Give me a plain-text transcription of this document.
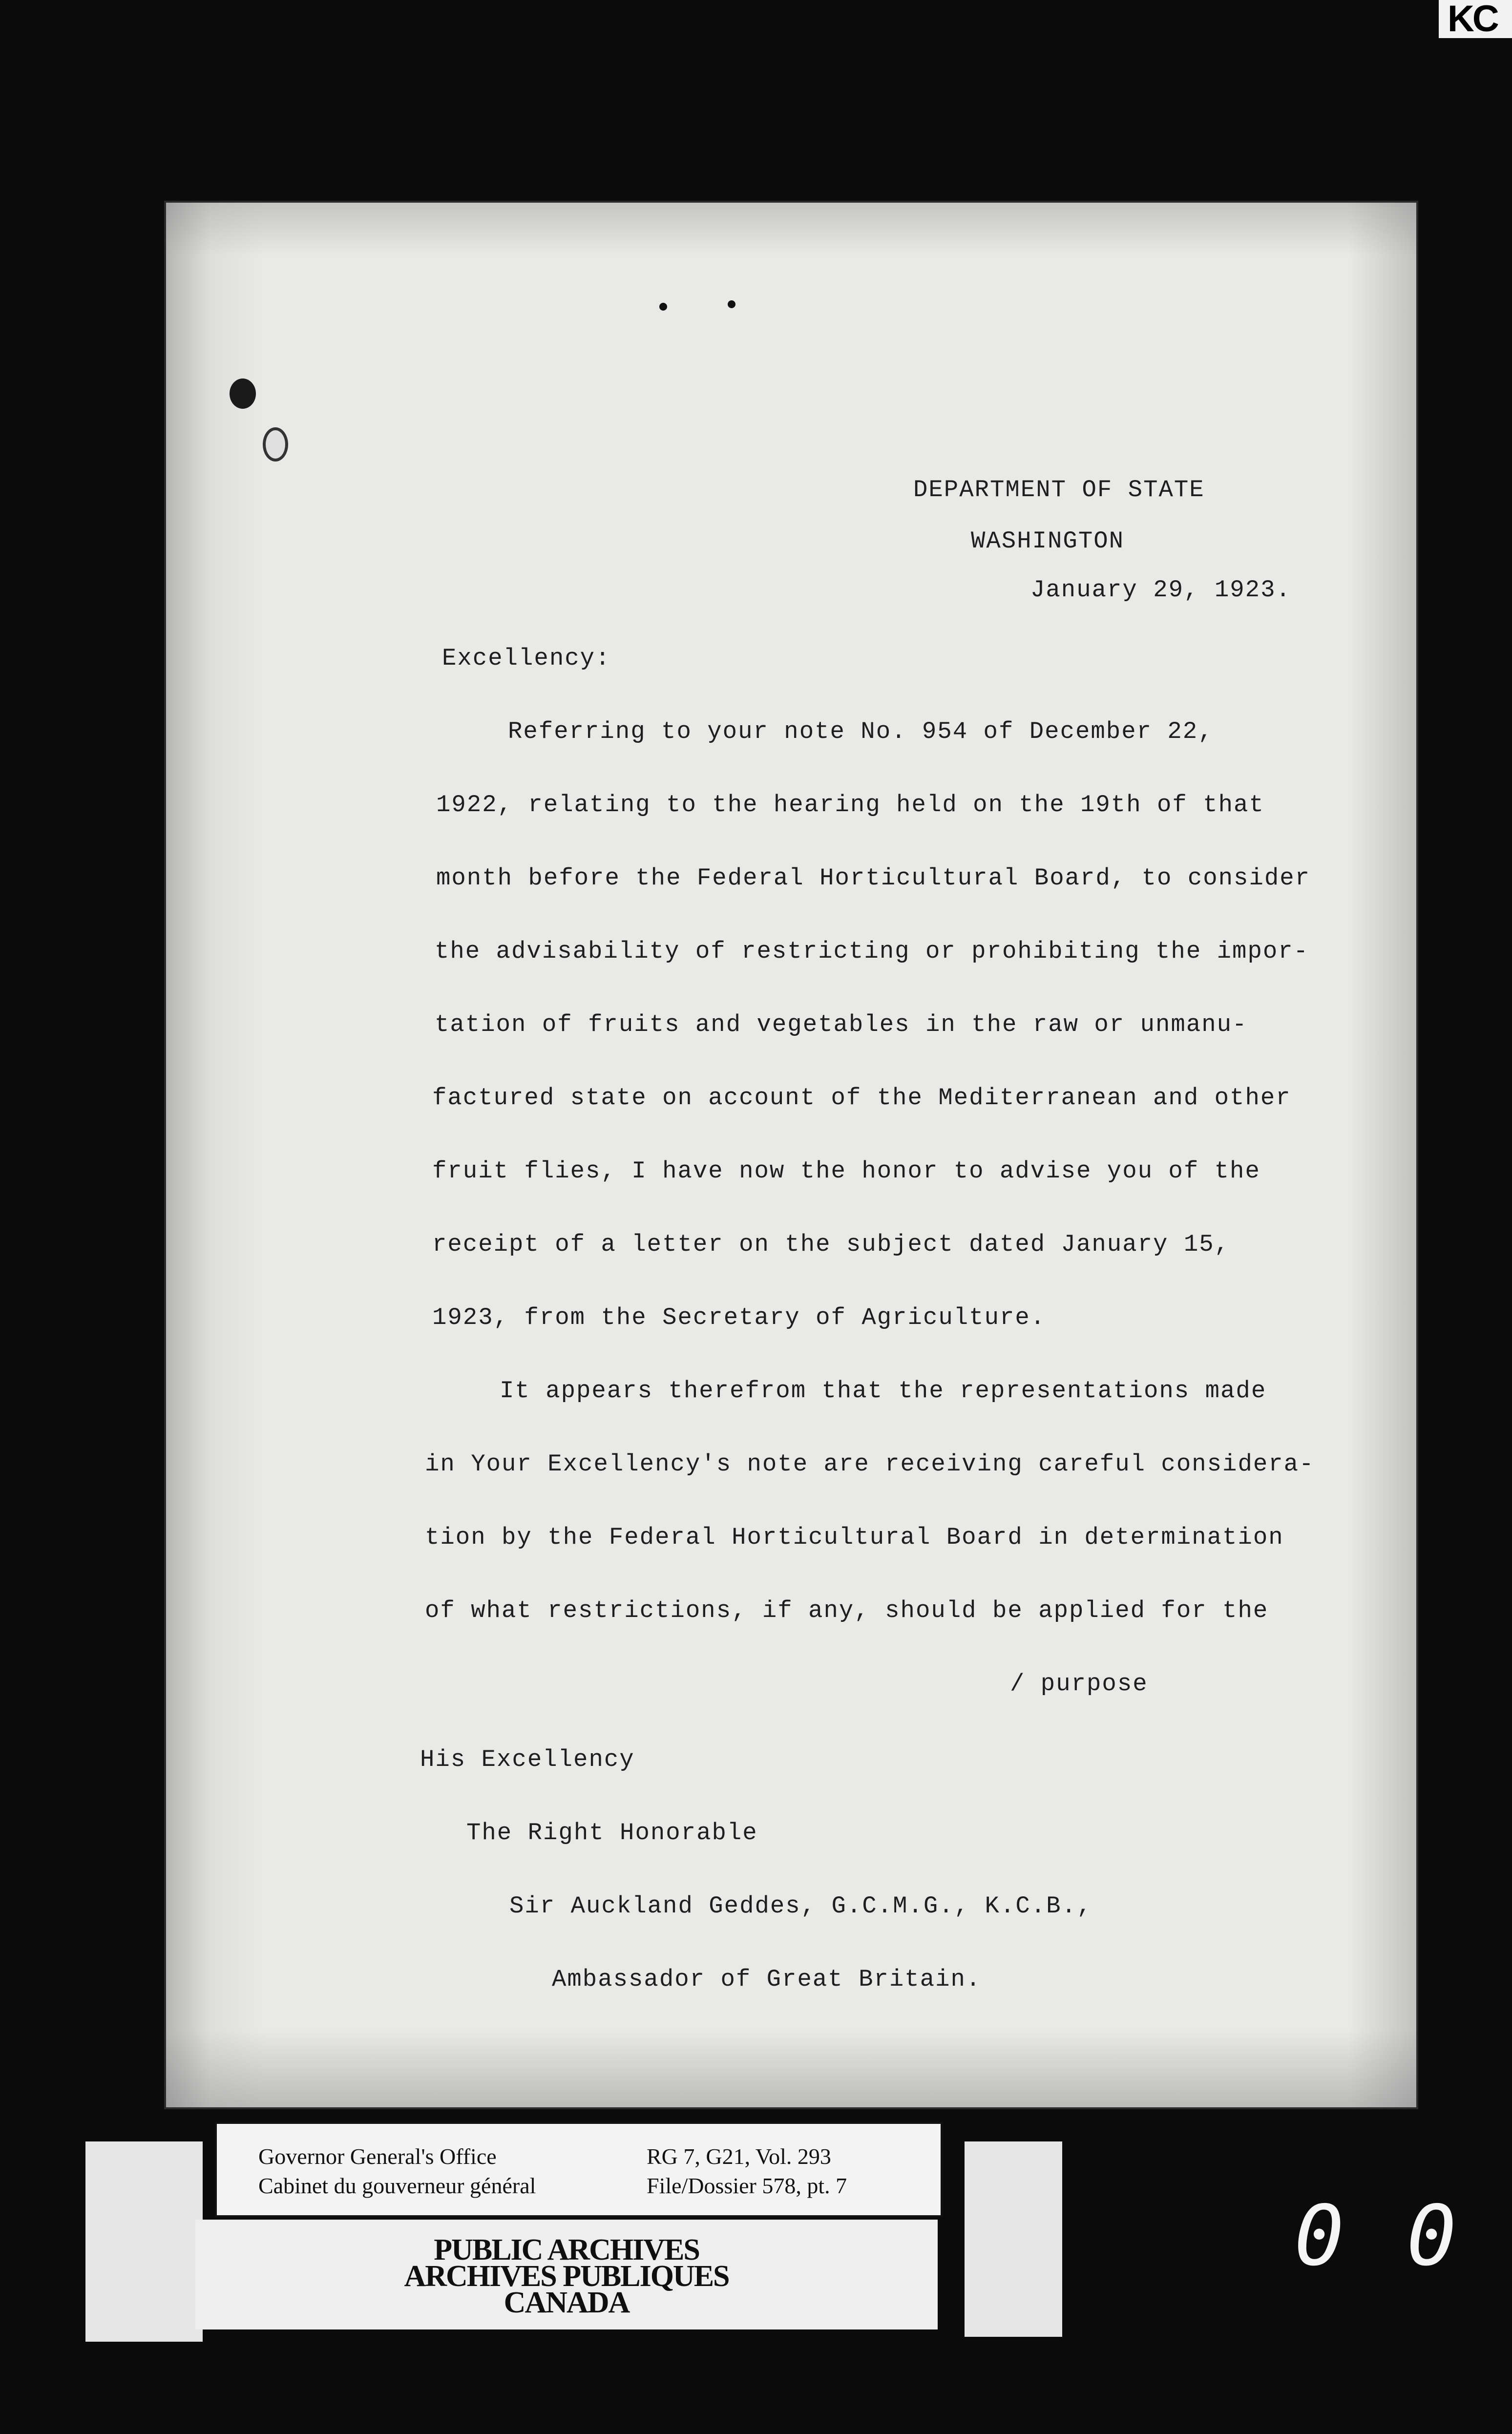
KC
DEPARTMENT OF STATE
WASHINGTON
January 29, 1923.
Excellency:
Referring to your note No. 954 of December 22,
1922, relating to the hearing held on the 19th of that
month before the Federal Horticultural Board, to consider
the advisability of restricting or prohibiting the impor-
tation of fruits and vegetables in the raw or unmanu-
factured state on account of the Mediterranean and other
fruit flies, I have now the honor to advise you of the
receipt of a letter on the subject dated January 15,
1923, from the Secretary of Agriculture.
It appears therefrom that the representations made
in Your Excellency's note are receiving careful considera-
tion by the Federal Horticultural Board in determination
of what restrictions, if any, should be applied for the
/ purpose
His Excellency
The Right Honorable
Sir Auckland Geddes, G.C.M.G., K.C.B.,
Ambassador of Great Britain.
Governor General's Office
Cabinet du gouverneur général
RG 7, G21, Vol. 293
File/Dossier 578, pt. 7
PUBLIC ARCHIVES
ARCHIVES PUBLIQUES
CANADA
0 0
